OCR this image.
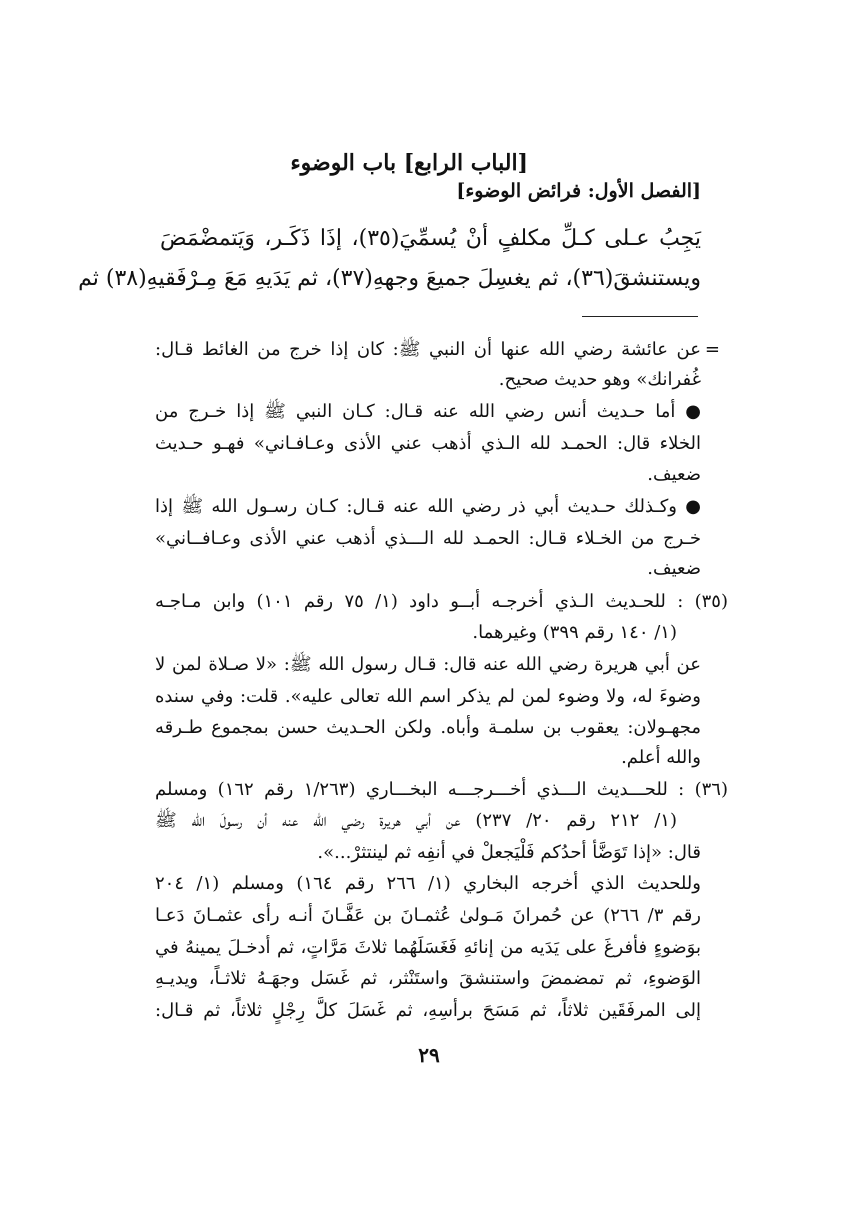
[الباب الرابع] باب الوضوء
[الفصل الأول: فرائض الوضوء]
يَجِبُ عـلى كـلِّ مكلفٍ أنْ يُسمِّيَ(٣٥)، إذَا ذَكَـر، وَيَتمضْمَضَ
ويستنشقَ(٣٦)، ثم يغسِلَ جميعَ وجههِ(٣٧)، ثم يَدَيهِ مَعَ مِـرْفَقيهِ(٣٨) ثم
=
عن عائشة رضي الله عنها أن النبي ﷺ: كان إذا خرج من الغائط قـال:
غُفرانك» وهو حديث صحيح.
● أما حـديث أنس رضي الله عنه قـال: كـان النبي ﷺ إذا خـرج من
الخلاء قال: الحمـد لله الـذي أذهب عني الأذى وعـافـاني» فهـو حـديث
ضعيف.
● وكـذلك حـديث أبي ذر رضي الله عنه قـال: كـان رسـول الله ﷺ إذا
خـرج من الخـلاء قـال: الحمـد لله الـــذي أذهب عني الأذى وعـافــاني»
ضعيف.
(٣٥) : للحـديث الـذي أخرجـه أبــو داود (١/ ٧٥ رقم ١٠١) وابن مـاجـه
(١/ ١٤٠ رقم ٣٩٩) وغيرهما.
عن أبي هريرة رضي الله عنه قال: قـال رسول الله ﷺ: «لا صـلاة لمن لا
وضوءَ له، ولا وضوء لمن لم يذكر اسم الله تعالى عليه». قلت: وفي سنده
مجهـولان: يعقوب بن سلمـة وأباه. ولكن الحـديث حسن بمجموع طـرقه
والله أعلم.
(٣٦) : للحـــديث الـــذي أخـــرجـــه البخـــاري (١/٢٦٣ رقم ١٦٢) ومسلم
(١/ ٢١٢ رقم ٢٠/ ٢٣٧) عن أبي هريرة رضي الله عنه أن رسولَ الله ﷺ
قال: «إذا تَوَضَّأ أحدُكم فَلْيَجعلْ في أنفِه ثم لينتثرْ...».
وللحديث الذي أخرجه البخاري (١/ ٢٦٦ رقم ١٦٤) ومسلم (١/ ٢٠٤
رقم ٣/ ٢٦٦) عن حُمرانَ مَـولىٰ عُثمـانَ بن عَفَّـانَ أنـه رأى عثمـانَ دَعـا
بوَضوءٍ فأفرغَ على يَدَيه من إنائهِ فَغَسَلَهُما ثلاثَ مَرَّاتٍ، ثم أدخـلَ يمينهُ في
الوَضوءِ، ثم تمضمضَ واستنشقَ واستَنْثر، ثم غَسَل وجهَـهُ ثلاثـاً، ويديـهِ
إلى المرفَقَين ثلاثاً، ثم مَسَحَ برأسِهِ، ثم غَسَلَ كلَّ رِجْلٍ ثلاثاً، ثم قـال:
٢٩
